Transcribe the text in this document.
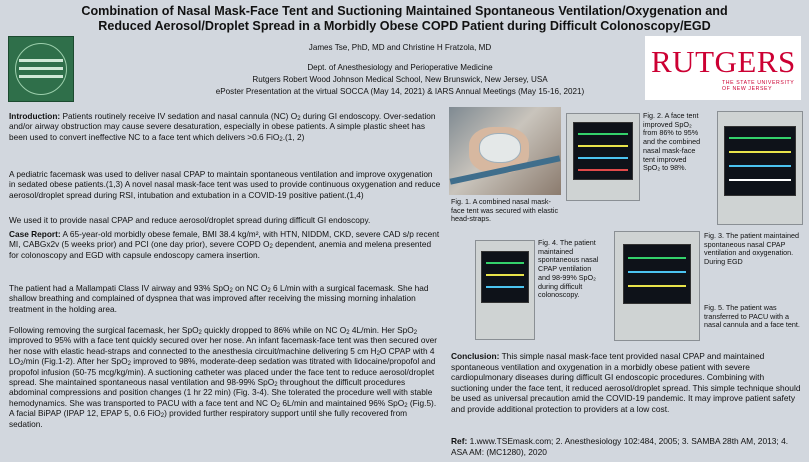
Combination of Nasal Mask-Face Tent and Suctioning Maintained Spontaneous Ventilation/Oxygenation and
Reduced Aerosol/Droplet Spread in a Morbidly Obese COPD Patient during Difficult Colonoscopy/EGD
James Tse, PhD, MD and Christine H Fratzola, MD
Dept. of Anesthesiology and Perioperative Medicine
Rutgers Robert Wood Johnson Medical School, New Brunswick, New Jersey, USA
ePoster Presentation at the virtual SOCCA (May 14, 2021) & IARS Annual Meetings (May 15-16, 2021)
RUTGERS
THE STATE UNIVERSITY OF NEW JERSEY

Introduction: Patients routinely receive IV sedation and nasal cannula (NC) $O_2$ during GI endoscopy. Over-sedation and/or airway obstruction may cause severe desaturation, especially in obese patients. A simple plastic sheet has been used to convert ineffective NC to a face tent which delivers >0.6 FiO$_2$.(1, 2)

A pediatric facemask was used to deliver nasal CPAP to maintain spontaneous ventilation and improve oxygenation in sedated obese patients.(1,3) A novel nasal mask-face tent was used to provide continuous oxygenation and reduce aerosol/droplet spread during RSI, intubation and extubation in a COVID-19 positive patient.(1,4)

We used it to provide nasal CPAP and reduce aerosol/droplet spread during difficult GI endoscopy.

Case Report: A 65-year-old morbidly obese female, BMI 38.4 kg/m², with HTN, NIDDM, CKD, severe CAD s/p recent MI, CABGx2v (5 weeks prior) and PCI (one day prior), severe COPD $O_2$ dependent, anemia and melena presented for colonoscopy and EGD with capsule endoscopy camera insertion.

The patient had a Mallampati Class IV airway and 93% SpO$_2$ on NC $O_2$ 6 L/min with a surgical facemask. She had shallow breathing and complained of dyspnea that was improved after receiving the missing morning inhalation treatment in the holding area.

Following removing the surgical facemask, her SpO$_2$ quickly dropped to 86% while on NC $O_2$ 4L/min. Her SpO$_2$ improved to 95% with a face tent quickly secured over her nose. An infant facemask-face tent was then secured over her nose with elastic head-straps and connected to the anesthesia circuit/machine delivering 5 cm $H_2O$ CPAP with 4 $LO_2/\min$ (Fig.1-2). After her SpO$_2$ improved to 98%, moderate-deep sedation was titrated with lidocaine/propofol and propofol infusion (50-75 mcg/kg/min). A suctioning catheter was placed under the face tent to reduce aerosol/droplet spread. She maintained spontaneous nasal ventilation and 98-99% SpO$_2$ throughout the difficult procedures abdominal compressions and position changes (1 hr 22 min) (Fig. 3-4). She tolerated the procedure well with stable hemodynamics. She was transported to PACU with a face tent and NC $O_2$ 6L/min and maintained 96% SpO$_2$ (Fig.5). A facial BiPAP (IPAP 12, EPAP 5, 0.6 FiO$_2$) provided further respiratory support until she fully recovered from sedation.

Fig. 1. A combined nasal mask-face tent was secured with elastic head-straps.

Fig. 2. A face tent improved SpO₂ from 86% to 95% and the combined nasal mask-face tent improved SpO₂ to 98%.

Fig. 4. The patient maintained spontaneous nasal CPAP ventilation and 98-99% SpO₂ during difficult colonoscopy.

Fig. 3. The patient maintained spontaneous nasal CPAP ventilation and oxygenation. During EGD

Fig. 5. The patient was transferred to PACU with a nasal cannula and a face tent.

Conclusion: This simple nasal mask-face tent provided nasal CPAP and maintained spontaneous ventilation and oxygenation in a morbidly obese patient with severe cardiopulmonary diseases during difficult GI endoscopic procedures. Combining with suctioning under the face tent, it reduced aerosol/droplet spread. This simple technique should be used as universal precaution amid the COVID-19 pandemic. It may improve patient safety and provide additional protection to providers at a low cost.

Ref: 1.www.TSEmask.com; 2. Anesthesiology 102:484, 2005; 3. SAMBA 28th AM, 2013; 4. ASA AM: (MC1280), 2020
